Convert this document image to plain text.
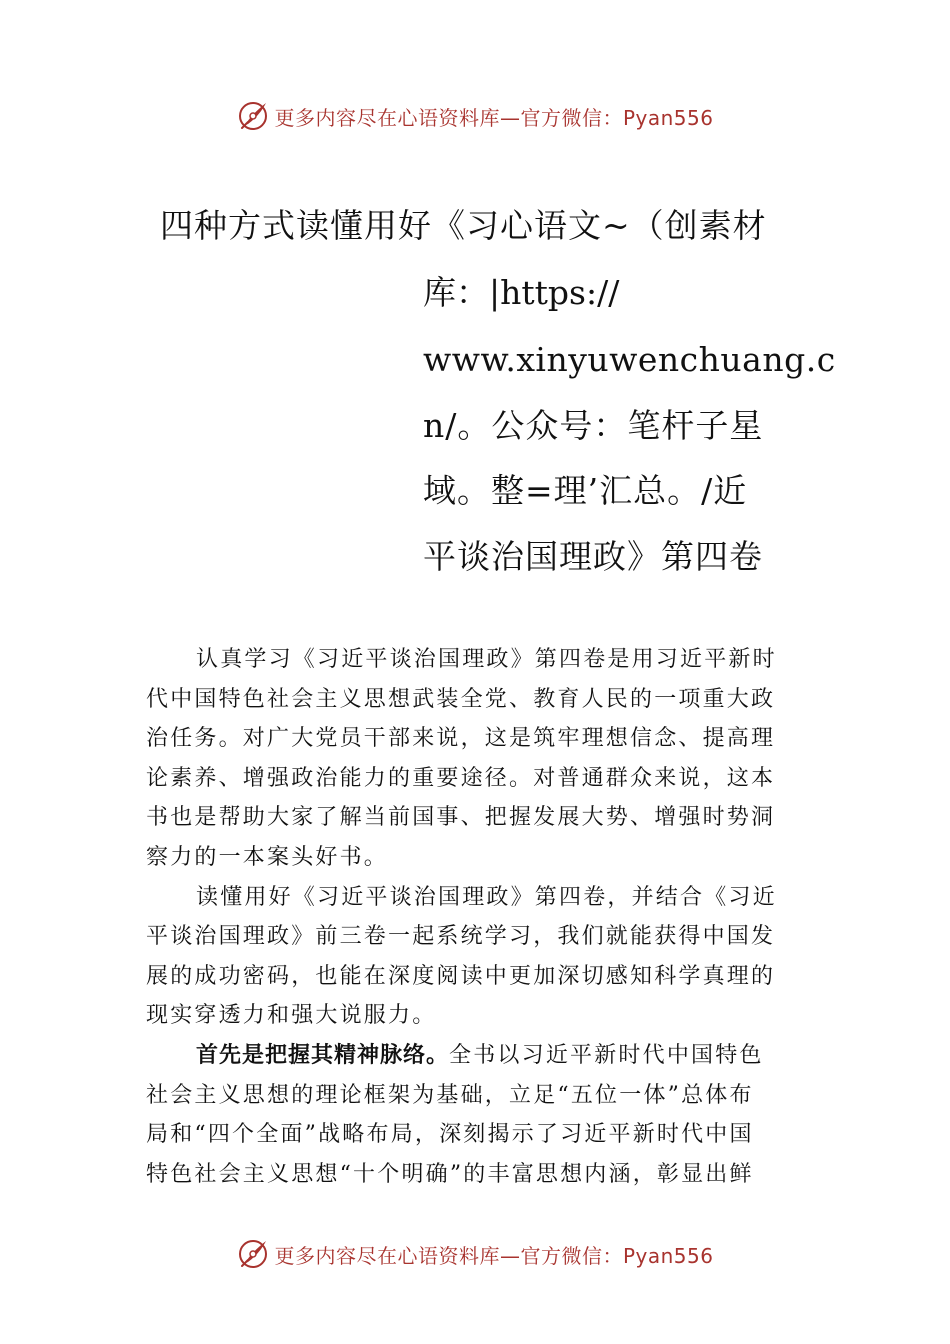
更多内容尽在心语资料库—官方微信：Pyan556
四种方式读懂用好《习心语文~（创素材
库：|https://
www.xinyuwenchuang.c
n/。公众号：笔杆子星
域。整=理’汇总。/近
平谈治国理政》第四卷
认真学习《习近平谈治国理政》第四卷是用习近平新时
代中国特色社会主义思想武装全党、教育人民的一项重大政
治任务。对广大党员干部来说，这是筑牢理想信念、提高理
论素养、增强政治能力的重要途径。对普通群众来说，这本
书也是帮助大家了解当前国事、把握发展大势、增强时势洞
察力的一本案头好书。
读懂用好《习近平谈治国理政》第四卷，并结合《习近
平谈治国理政》前三卷一起系统学习，我们就能获得中国发
展的成功密码，也能在深度阅读中更加深切感知科学真理的
现实穿透力和强大说服力。
首先是把握其精神脉络。全书以习近平新时代中国特色
社会主义思想的理论框架为基础，立足“五位一体”总体布
局和“四个全面”战略布局，深刻揭示了习近平新时代中国
特色社会主义思想“十个明确”的丰富思想内涵，彰显出鲜
更多内容尽在心语资料库—官方微信：Pyan556
